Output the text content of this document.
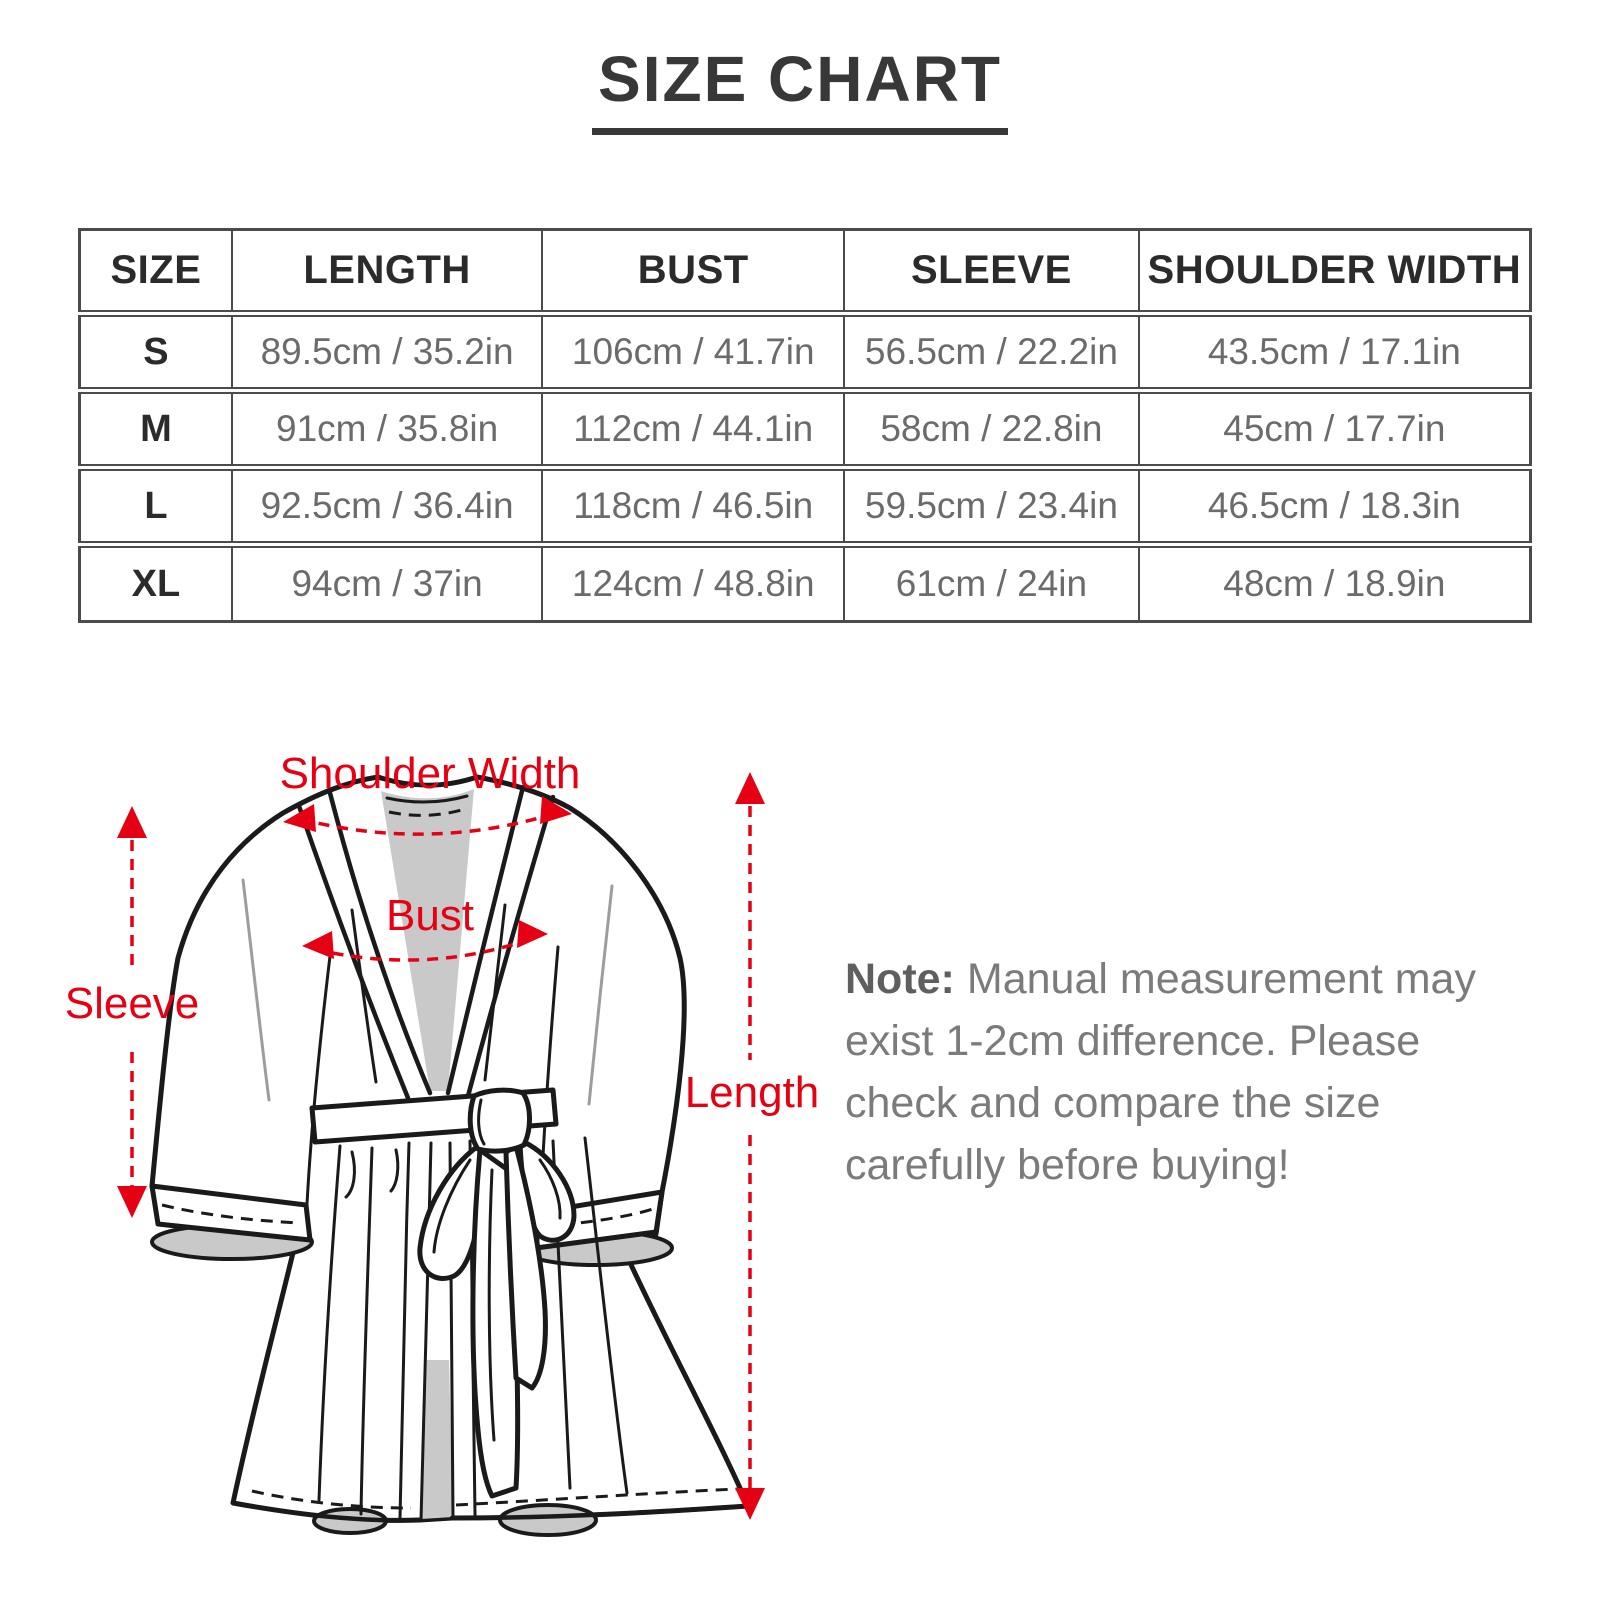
SIZE CHART
SIZE	LENGTH	BUST	SLEEVE	SHOULDER WIDTH
S	89.5cm / 35.2in	106cm / 41.7in	56.5cm / 22.2in	43.5cm / 17.1in
M	91cm / 35.8in	112cm / 44.1in	58cm / 22.8in	45cm / 17.7in
L	92.5cm / 36.4in	118cm / 46.5in	59.5cm / 23.4in	46.5cm / 18.3in
XL	94cm / 37in	124cm / 48.8in	61cm / 24in	48cm / 18.9in
Shoulder Width
Bust
Sleeve
Length
Note: Manual measurement may
exist 1-2cm difference. Please
check and compare the size
carefully before buying!
